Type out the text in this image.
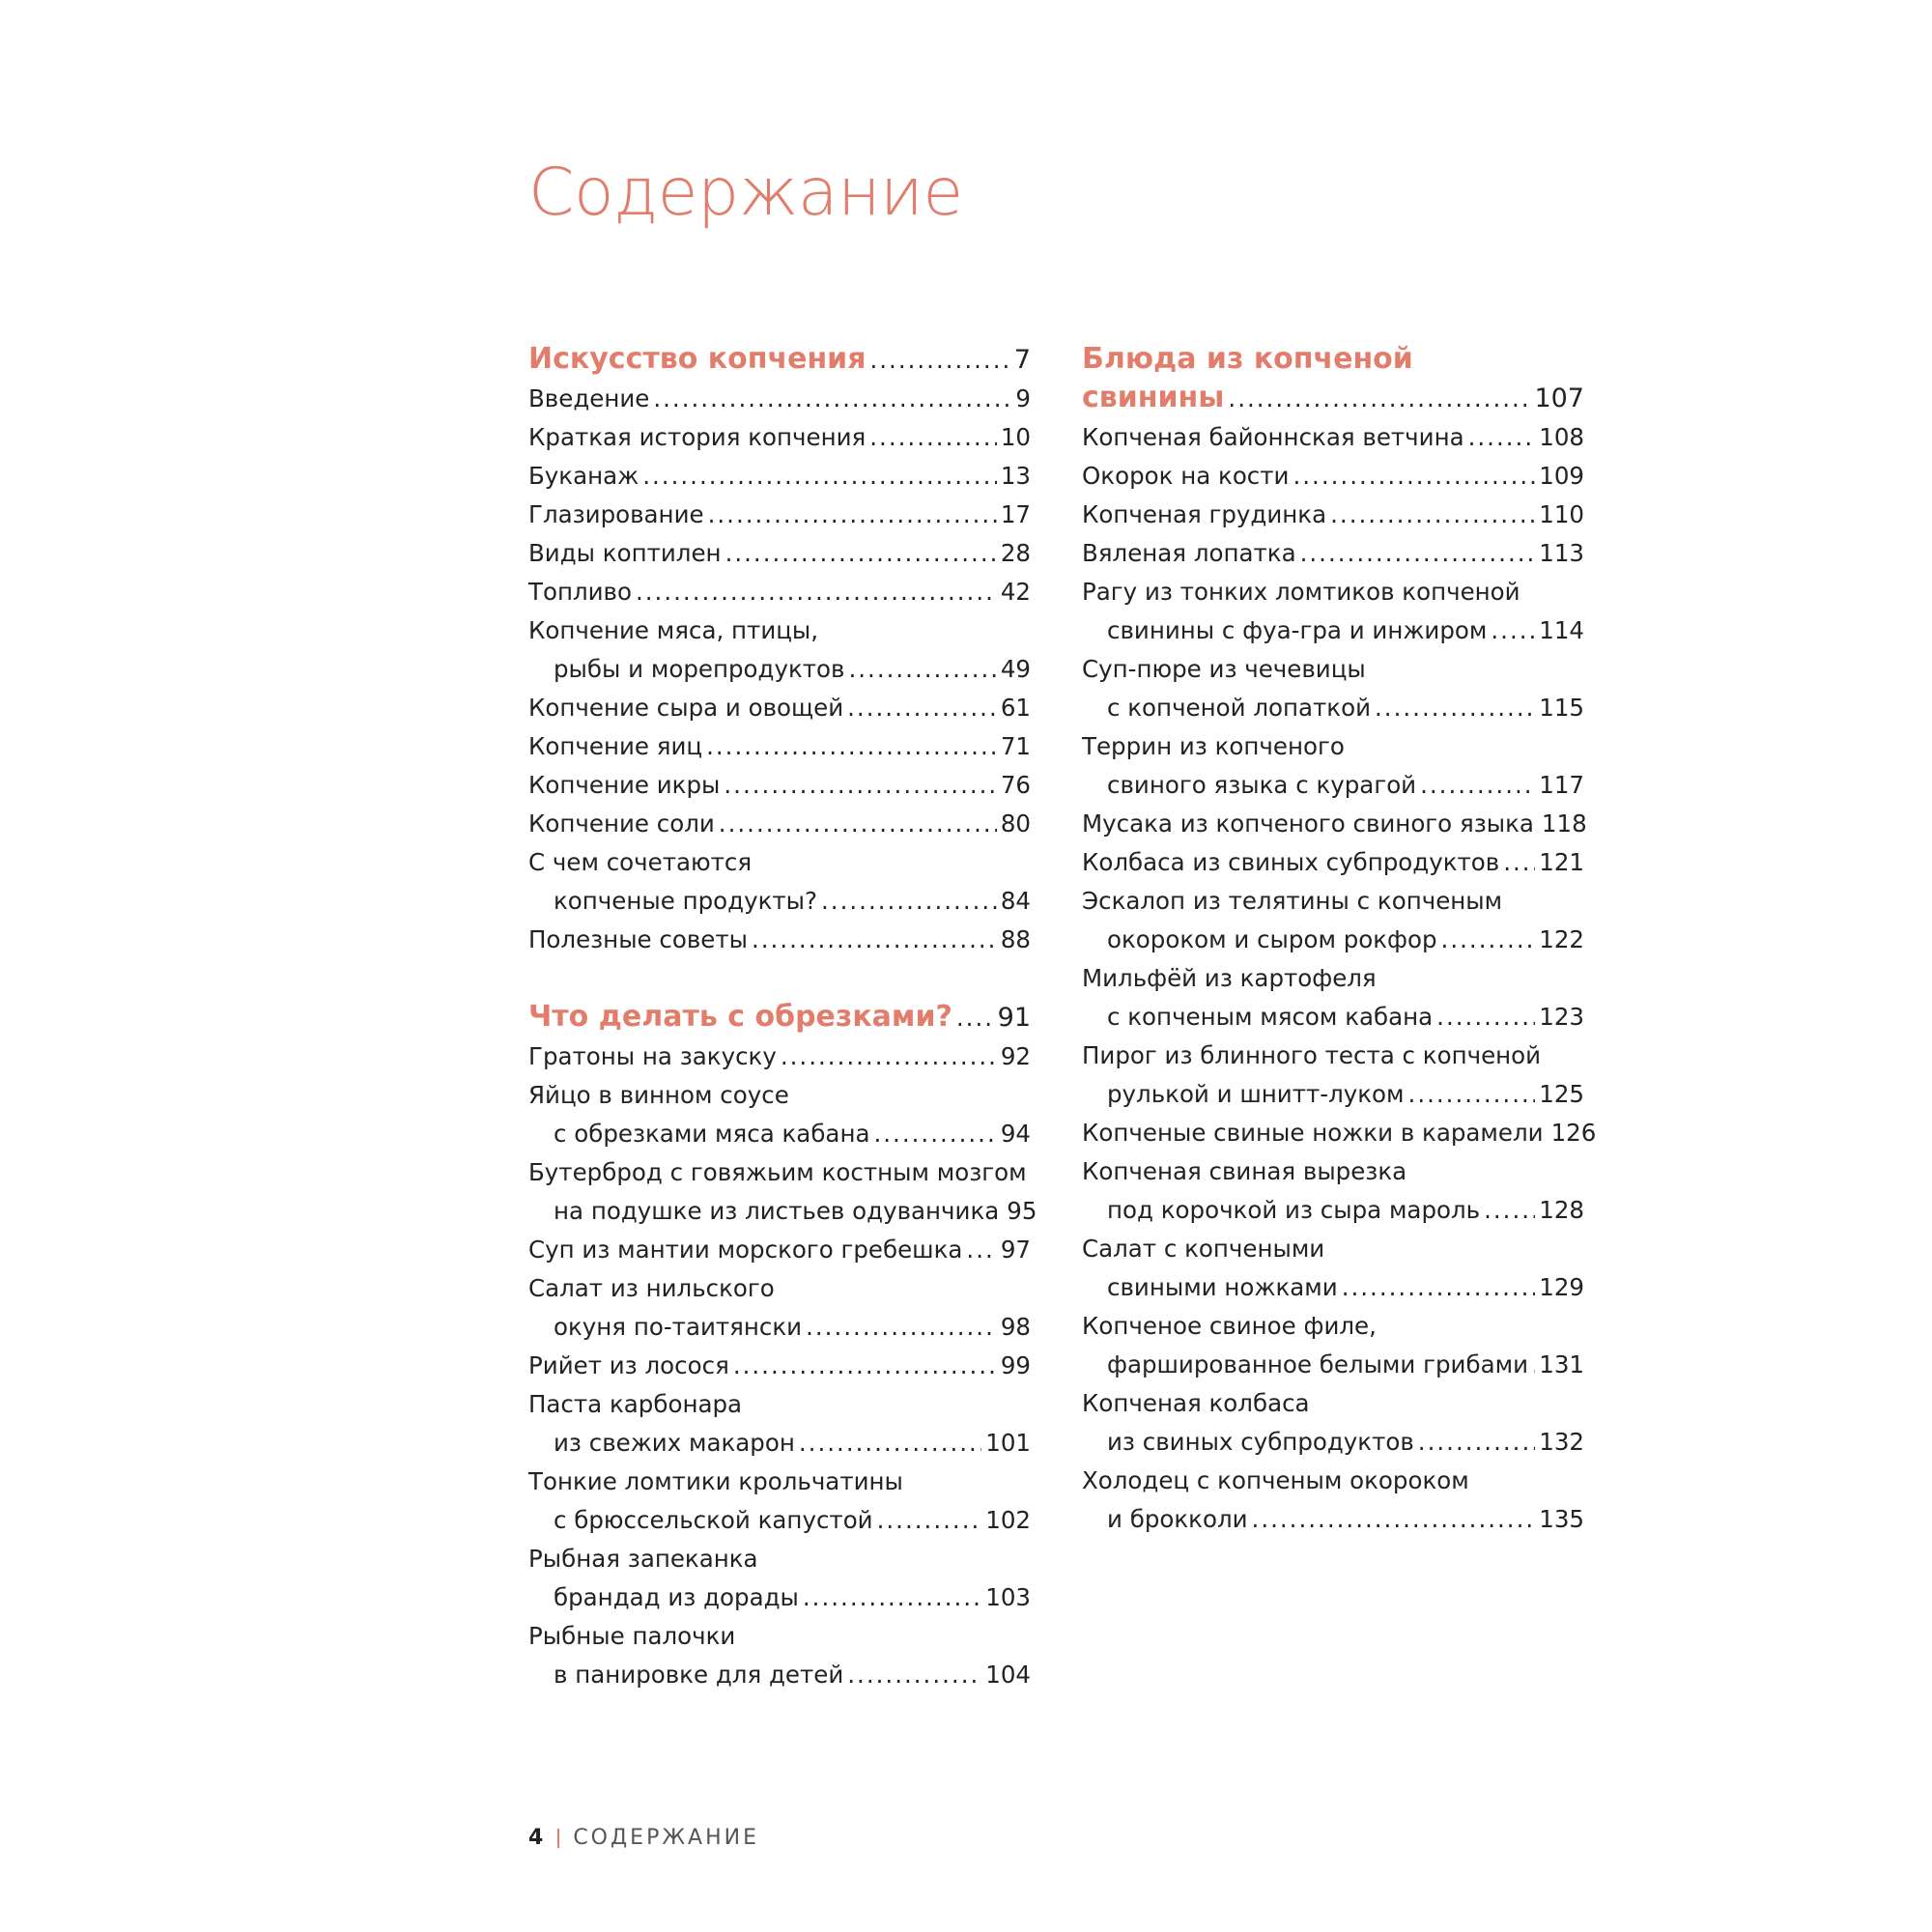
Содержание
Искусство копчения .....	7
Введение .....	9
Краткая история копчения .....	10
Буканаж .....	13
Глазирование .....	17
Виды коптилен .....	28
Топливо .....	42
Копчение мяса, птицы,
рыбы и морепродуктов .....	49
Копчение сыра и овощей .....	61
Копчение яиц .....	71
Копчение икры .....	76
Копчение соли .....	80
С чем сочетаются
копченые продукты? .....	84
Полезные советы .....	88
Что делать с обрезками? ..... 91
Гратоны на закуску .....	92
Яйцо в винном соусе
с обрезками мяса кабана .....	94
Бутерброд с говяжьим костным мозгом
на подушке из листьев одуванчика 95
Суп из мантии морского гребешка ..... 97
Салат из нильского
окуня по-таитянски .....	98
Рийет из лосося .....	99
Паста карбонара
из свежих макарон .....	101
Тонкие ломтики крольчатины
с брюссельской капустой .....	102
Рыбная запеканка
брандад из дорады .....	103
Рыбные палочки
в панировке для детей .....	104
Блюда из копченой
свинины .....	107
Копченая байоннская ветчина .....	108
Окорок на кости .....	109
Копченая грудинка .....	110
Вяленая лопатка .....	113
Рагу из тонких ломтиков копченой
свинины с фуа-гра и инжиром ..... 114
Суп-пюре из чечевицы
с копченой лопаткой .....	115
Террин из копченого
свиного языка с курагой .....	117
Мусака из копченого свиного языка 118
Колбаса из свиных субпродуктов ..... 121
Эскалоп из телятины с копченым
окороком и сыром рокфор .....	122
Мильфёй из картофеля
с копченым мясом кабана .....	123
Пирог из блинного теста с копченой
рулькой и шнитт-луком .....	125
Копченые свиные ножки в карамели 126
Копченая свиная вырезка
под корочкой из сыра мароль ..... 128
Салат с копчеными
свиными ножками .....	129
Копченое свиное филе,
фаршированное белыми грибами ..... 131
Копченая колбаса
из свиных субпродуктов .....	132
Холодец с копченым окороком
и брокколи .....	135
4 СОДЕРЖАНИЕ
